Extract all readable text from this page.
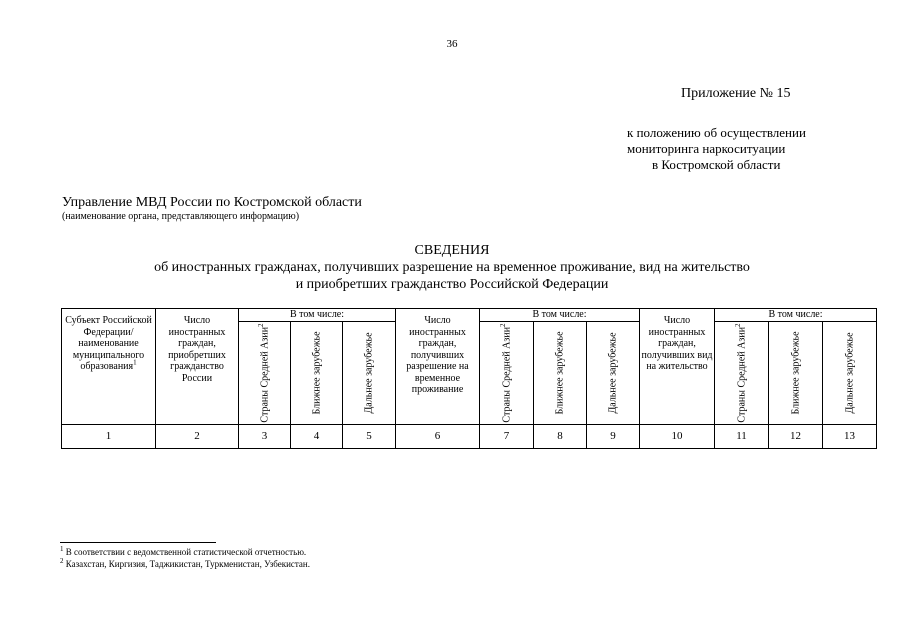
36
Приложение № 15
к положению об осуществлении
мониторинга наркоситуации
в Костромской области
Управление МВД России по Костромской области
(наименование органа, представляющего информацию)
СВЕДЕНИЯ
об иностранных гражданах, получивших разрешение на временное проживание, вид на жительство
и приобретших гражданство Российской Федерации
Субъект Российской Федерации/ наименование муниципального образования$^1$	Число иностранных граждан, приобретших гражданство России	В том числе:			Число иностранных граждан, получивших разрешение на временное проживание	В том числе:			Число иностранных граждан, получивших вид на жительство	В том числе:		

		Страны Средней Азии$^2$	Ближнее зарубежье	Дальнее зарубежье		Страны Средней Азии$^2$	Ближнее зарубежье	Дальнее зарубежье		Страны Средней Азии$^2$	Ближнее зарубежье	Дальнее зарубежье

1	2	3	4	5	6	7	8	9	10	11	12	13
$^1$ В соответствии с ведомственной статистической отчетностью.
$^2$ Казахстан, Киргизия, Таджикистан, Туркменистан, Узбекистан.
